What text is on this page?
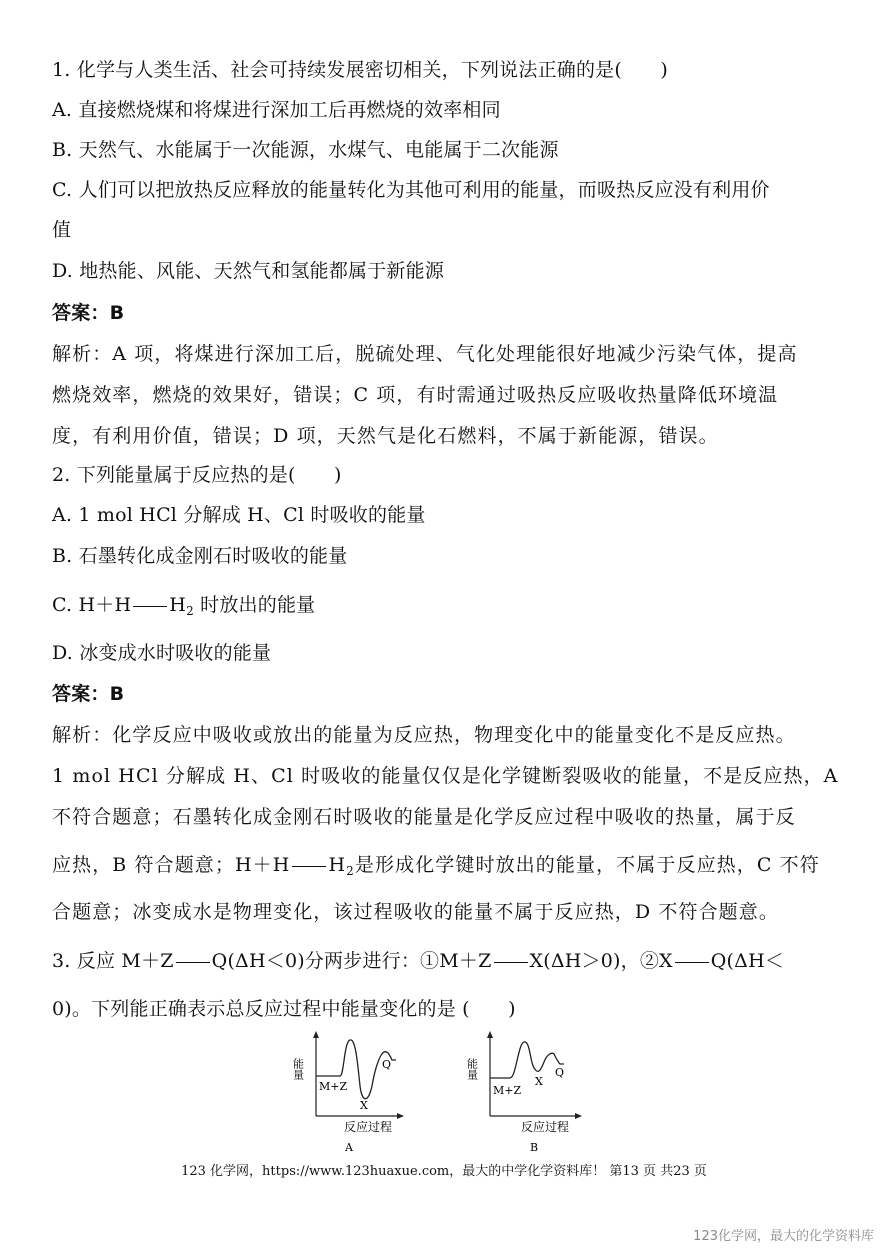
1. 化学与人类生活、社会可持续发展密切相关，下列说法正确的是(　　)
A. 直接燃烧煤和将煤进行深加工后再燃烧的效率相同
B. 天然气、水能属于一次能源，水煤气、电能属于二次能源
C. 人们可以把放热反应释放的能量转化为其他可利用的能量，而吸热反应没有利用价
值
D. 地热能、风能、天然气和氢能都属于新能源
答案：B
解析：A 项，将煤进行深加工后，脱硫处理、气化处理能很好地减少污染气体，提高
燃烧效率，燃烧的效果好，错误；C 项，有时需通过吸热反应吸收热量降低环境温
度，有利用价值，错误；D 项，天然气是化石燃料，不属于新能源，错误。
2. 下列能量属于反应热的是(　　)
A. 1 mol HCl 分解成 H、Cl 时吸收的能量
B. 石墨转化成金刚石时吸收的能量
C. H＋H $H_2$ 时放出的能量
D. 冰变成水时吸收的能量
答案：B
解析：化学反应中吸收或放出的能量为反应热，物理变化中的能量变化不是反应热。
1 mol HCl 分解成 H、Cl 时吸收的能量仅仅是化学键断裂吸收的能量，不是反应热，A
不符合题意；石墨转化成金刚石时吸收的能量是化学反应过程中吸收的热量，属于反
应热，B 符合题意；H＋H $H_2$是形成化学键时放出的能量，不属于反应热，C 不符
合题意；冰变成水是物理变化，该过程吸收的能量不属于反应热，D 不符合题意。
3. 反应 M＋Z Q(ΔH＜0)分两步进行：①M＋Z X(ΔH＞0)，②X Q(ΔH＜
0)。下列能正确表示总反应过程中能量变化的是 (　　)
能量
M+Z
X
Q
反应过程
A
能量
M+Z
X
Q
反应过程
B
123 化学网，https://www.123huaxue.com，最大的中学化学资料库！ 第13 页 共23 页
123化学网，最大的化学资料库
